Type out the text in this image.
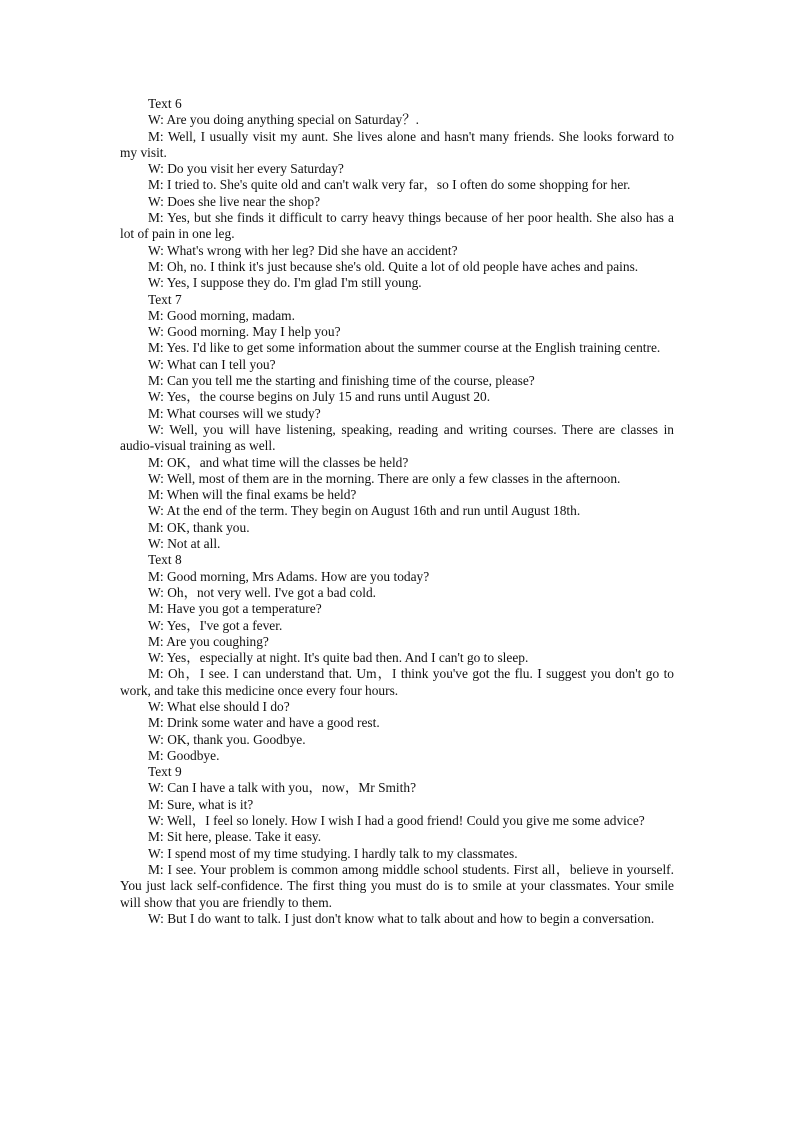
Text 6

W: Are you doing anything special on Saturday？.

M: Well, I usually visit my aunt. She lives alone and hasn't many friends. She looks forward to my visit.

W: Do you visit her every Saturday?

M: I tried to. She's quite old and can't walk very far，so I often do some shopping for her.

W: Does she live near the shop?

M: Yes, but she finds it difficult to carry heavy things because of her poor health. She also has a lot of pain in one leg.

W: What's wrong with her leg? Did she have an accident?

M: Oh, no. I think it's just because she's old. Quite a lot of old people have aches and pains.

W: Yes, I suppose they do. I'm glad I'm still young.

Text 7

M: Good morning, madam.

W: Good morning. May I help you?

M: Yes. I'd like to get some information about the summer course at the English training centre.

W: What can I tell you?

M: Can you tell me the starting and finishing time of the course, please?

W: Yes，the course begins on July 15 and runs until August 20.

M: What courses will we study?

W: Well, you will have listening, speaking, reading and writing courses. There are classes in audio-visual training as well.

M: OK，and what time will the classes be held?

W: Well, most of them are in the morning. There are only a few classes in the afternoon.

M: When will the final exams be held?

W: At the end of the term. They begin on August 16th and run until August 18th.

M: OK, thank you.

W: Not at all.

Text 8

M: Good morning, Mrs Adams. How are you today?

W: Oh，not very well. I've got a bad cold.

M: Have you got a temperature?

W: Yes，I've got a fever.

M: Are you coughing?

W: Yes，especially at night. It's quite bad then. And I can't go to sleep.

M: Oh，I see. I can understand that. Um，I think you've got the flu. I suggest you don't go to work, and take this medicine once every four hours.

W: What else should I do?

M: Drink some water and have a good rest.

W: OK, thank you. Goodbye.

M: Goodbye.

Text 9

W: Can I have a talk with you，now，Mr Smith?

M: Sure, what is it?

W: Well，I feel so lonely. How I wish I had a good friend! Could you give me some advice?

M: Sit here, please. Take it easy.

W: I spend most of my time studying. I hardly talk to my classmates.

M: I see. Your problem is common among middle school students. First all，believe in yourself. You just lack self-confidence. The first thing you must do is to smile at your classmates. Your smile will show that you are friendly to them.

W: But I do want to talk. I just don't know what to talk about and how to begin a conversation.
